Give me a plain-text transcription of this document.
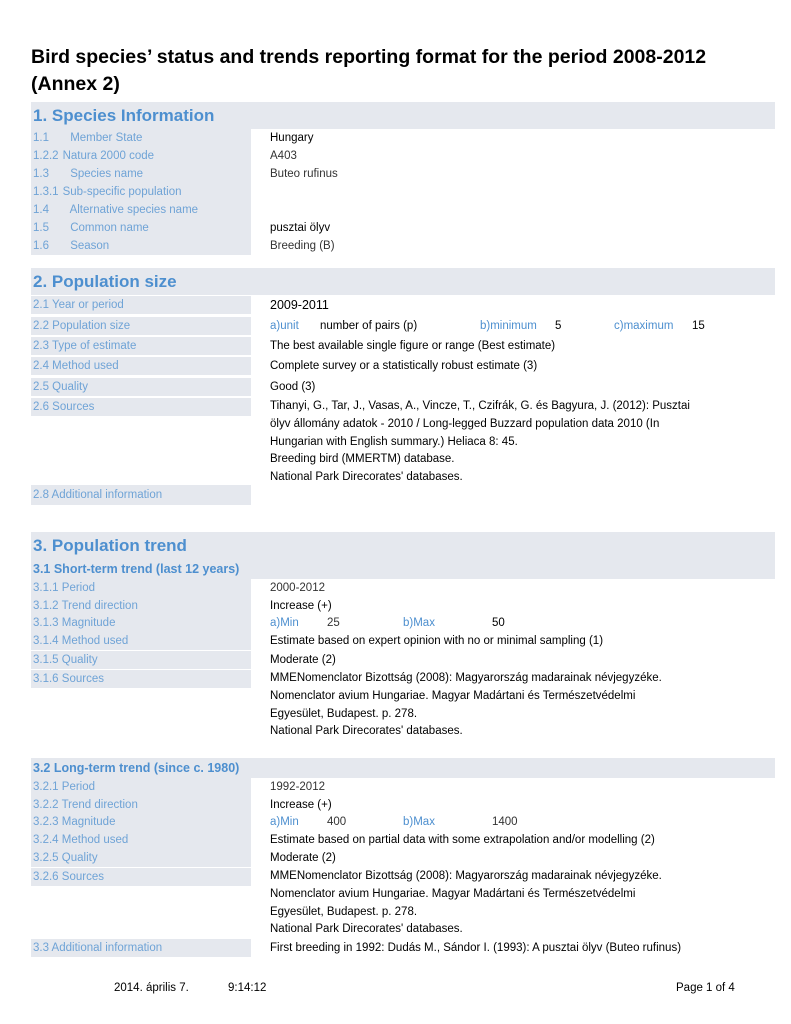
Bird species’ status and trends reporting format for the period 2008-2012 (Annex 2)
1. Species Information
1.1 Member State	Hungary
1.2.2 Natura 2000 code	A403
1.3 Species name	Buteo rufinus
1.3.1 Sub-specific population
1.4 Alternative species name
1.5 Common name	pusztai ölyv
1.6 Season	Breeding (B)
2. Population size
2.1 Year or period	2009-2011
2.2 Population size	a)unit number of pairs (p)	b)minimum 5	c)maximum 15
2.3 Type of estimate	The best available single figure or range (Best estimate)
2.4 Method used	Complete survey or a statistically robust estimate (3)
2.5 Quality	Good (3)
2.6 Sources	Tihanyi, G., Tar, J., Vasas, A., Vincze, T., Czifrák, G. és Bagyura, J. (2012): Pusztai
ölyv állomány adatok - 2010 / Long-legged Buzzard population data 2010 (In
Hungarian with English summary.) Heliaca 8: 45.
Breeding bird (MMERTM) database.
National Park Direcorates' databases.
2.8 Additional information
3. Population trend
3.1 Short-term trend (last 12 years)
3.1.1 Period	2000-2012
3.1.2 Trend direction	Increase (+)
3.1.3 Magnitude	a)Min 25	b)Max	50
3.1.4 Method used	Estimate based on expert opinion with no or minimal sampling (1)
3.1.5 Quality	Moderate (2)
3.1.6 Sources	MMENomenclator Bizottság (2008): Magyarország madarainak névjegyzéke.
Nomenclator avium Hungariae. Magyar Madártani és Természetvédelmi
Egyesület, Budapest. p. 278.
National Park Direcorates' databases.
3.2 Long-term trend (since c. 1980)
3.2.1 Period	1992-2012
3.2.2 Trend direction	Increase (+)
3.2.3 Magnitude	a)Min 400	b)Max	1400
3.2.4 Method used	Estimate based on partial data with some extrapolation and/or modelling (2)
3.2.5 Quality	Moderate (2)
3.2.6 Sources	MMENomenclator Bizottság (2008): Magyarország madarainak névjegyzéke.
Nomenclator avium Hungariae. Magyar Madártani és Természetvédelmi
Egyesület, Budapest. p. 278.
National Park Direcorates' databases.
3.3 Additional information	First breeding in 1992: Dudás M., Sándor I. (1993): A pusztai ölyv (Buteo rufinus)
2014. április 7.	9:14:12	Page 1 of 4
